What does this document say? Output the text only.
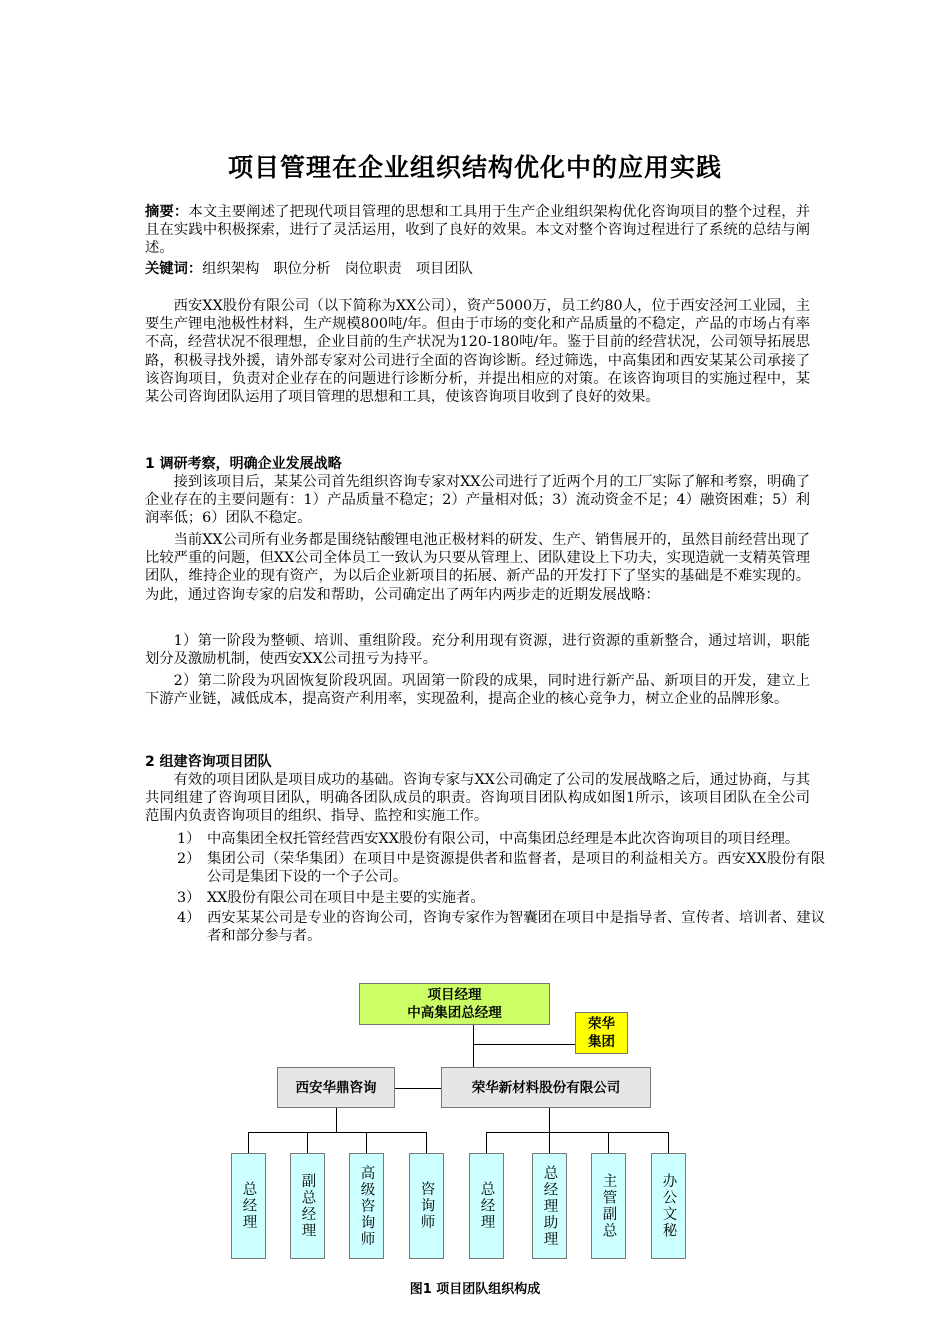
项目管理在企业组织结构优化中的应用实践
摘要：本文主要阐述了把现代项目管理的思想和工具用于生产企业组织架构优化咨询项目的整个过程，并且在实践中积极探索，进行了灵活运用，收到了良好的效果。本文对整个咨询过程进行了系统的总结与阐述。
关键词：组织架构 职位分析 岗位职责 项目团队
西安XX股份有限公司（以下简称为XX公司），资产5000万，员工约80人，位于西安泾河工业园，主要生产锂电池极性材料，生产规模800吨/年。但由于市场的变化和产品质量的不稳定，产品的市场占有率不高，经营状况不很理想，企业目前的生产状况为120-180吨/年。鉴于目前的经营状况，公司领导拓展思路，积极寻找外援，请外部专家对公司进行全面的咨询诊断。经过筛选，中高集团和西安某某公司承接了该咨询项目，负责对企业存在的问题进行诊断分析，并提出相应的对策。在该咨询项目的实施过程中，某某公司咨询团队运用了项目管理的思想和工具，使该咨询项目收到了良好的效果。
1 调研考察，明确企业发展战略
接到该项目后，某某公司首先组织咨询专家对XX公司进行了近两个月的工厂实际了解和考察，明确了企业存在的主要问题有：1）产品质量不稳定；2）产量相对低；3）流动资金不足；4）融资困难；5）利润率低；6）团队不稳定。
当前XX公司所有业务都是围绕钴酸锂电池正极材料的研发、生产、销售展开的，虽然目前经营出现了比较严重的问题，但XX公司全体员工一致认为只要从管理上、团队建设上下功夫，实现造就一支精英管理团队，维持企业的现有资产，为以后企业新项目的拓展、新产品的开发打下了坚实的基础是不难实现的。为此，通过咨询专家的启发和帮助，公司确定出了两年内两步走的近期发展战略：
1）第一阶段为整顿、培训、重组阶段。充分利用现有资源，进行资源的重新整合，通过培训，职能划分及激励机制，使西安XX公司扭亏为持平。
2）第二阶段为巩固恢复阶段巩固。巩固第一阶段的成果，同时进行新产品、新项目的开发，建立上下游产业链，减低成本，提高资产利用率，实现盈利，提高企业的核心竞争力，树立企业的品牌形象。
2 组建咨询项目团队
有效的项目团队是项目成功的基础。咨询专家与XX公司确定了公司的发展战略之后，通过协商，与其共同组建了咨询项目团队，明确各团队成员的职责。咨询项目团队构成如图1所示，该项目团队在全公司范围内负责咨询项目的组织、指导、监控和实施工作。
1） 中高集团全权托管经营西安XX股份有限公司，中高集团总经理是本此次咨询项目的项目经理。
2） 集团公司（荣华集团）在项目中是资源提供者和监督者，是项目的利益相关方。西安XX股份有限公司是集团下设的一个子公司。
3） XX股份有限公司在项目中是主要的实施者。
4） 西安某某公司是专业的咨询公司，咨询专家作为智囊团在项目中是指导者、宣传者、培训者、建议者和部分参与者。
项目经理
中高集团总经理
荣华集团
西安华鼎咨询	荣华新材料股份有限公司
总经理	副总经理	高级咨询师	咨询师	总经理	总经理助理	主管副总	办公文秘
图1 项目团队组织构成
